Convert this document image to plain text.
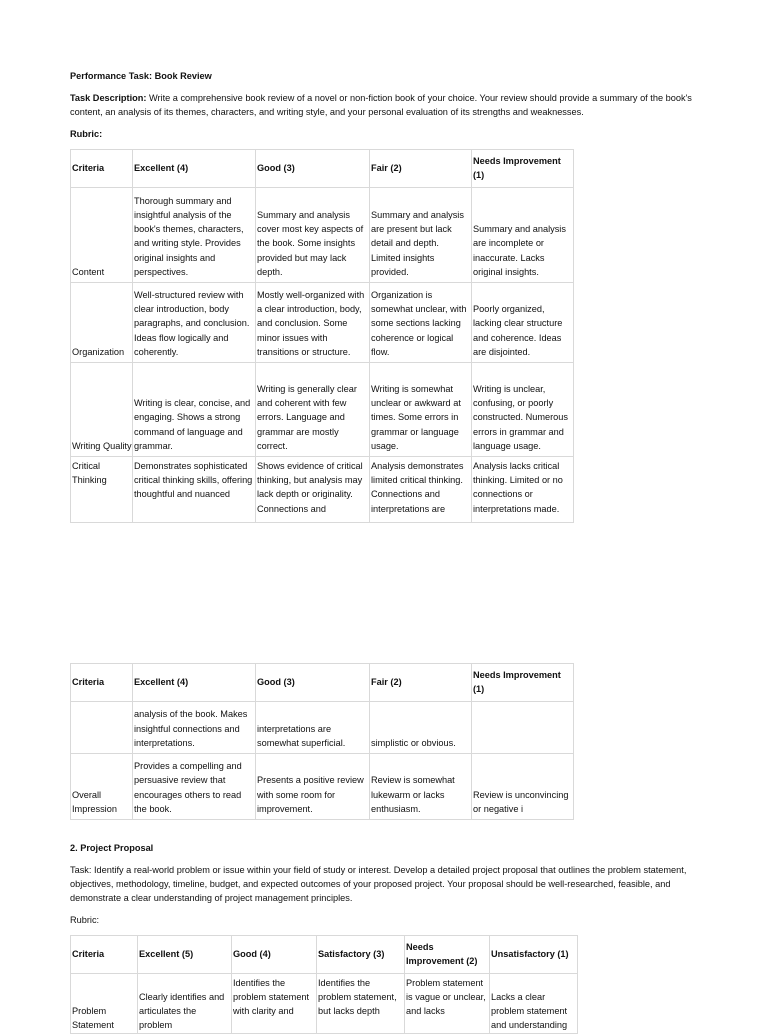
Performance Task: Book Review
Task Description: Write a comprehensive book review of a novel or non-fiction book of your choice. Your review should provide a summary of the book's content, an analysis of its themes, characters, and writing style, and your personal evaluation of its strengths and weaknesses.
Rubric:
Criteria	Excellent (4)	Good (3)	Fair (2)	Needs Improvement (1)

Content	Thorough summary and insightful analysis of the book's themes, characters, and writing style. Provides original insights and perspectives.	Summary and analysis cover most key aspects of the book. Some insights provided but may lack depth.	Summary and analysis are present but lack detail and depth. Limited insights provided.	Summary and analysis are incomplete or inaccurate. Lacks original insights.

Organization	Well-structured review with clear introduction, body paragraphs, and conclusion. Ideas flow logically and coherently.	Mostly well-organized with a clear introduction, body, and conclusion. Some minor issues with transitions or structure.	Organization is somewhat unclear, with some sections lacking coherence or logical flow.	Poorly organized, lacking clear structure and coherence. Ideas are disjointed.

Writing Quality	Writing is clear, concise, and engaging. Shows a strong command of language and grammar.	Writing is generally clear and coherent with few errors. Language and grammar are mostly correct.	Writing is somewhat unclear or awkward at times. Some errors in grammar or language usage.	Writing is unclear, confusing, or poorly constructed. Numerous errors in grammar and language usage.

Critical Thinking	Demonstrates sophisticated critical thinking skills, offering thoughtful and nuanced	Shows evidence of critical thinking, but analysis may lack depth or originality. Connections and	Analysis demonstrates limited critical thinking. Connections and interpretations are	Analysis lacks critical thinking. Limited or no connections or interpretations made.
Criteria	Excellent (4)	Good (3)	Fair (2)	Needs Improvement (1)

	analysis of the book. Makes insightful connections and interpretations.	interpretations are somewhat superficial.	simplistic or obvious.	

Overall Impression	Provides a compelling and persuasive review that encourages others to read the book.	Presents a positive review with some room for improvement.	Review is somewhat lukewarm or lacks enthusiasm.	Review is unconvincing or negative i
2. Project Proposal
Task: Identify a real-world problem or issue within your field of study or interest. Develop a detailed project proposal that outlines the problem statement, objectives, methodology, timeline, budget, and expected outcomes of your proposed project. Your proposal should be well-researched, feasible, and demonstrate a clear understanding of project management principles.
Rubric:
Criteria	Excellent (5)	Good (4)	Satisfactory (3)	Needs Improvement (2)	Unsatisfactory (1)

Problem Statement	Clearly identifies and articulates the problem	Identifies the problem statement with clarity and	Identifies the problem statement, but lacks depth	Problem statement is vague or unclear, and lacks	Lacks a clear problem statement and understanding
